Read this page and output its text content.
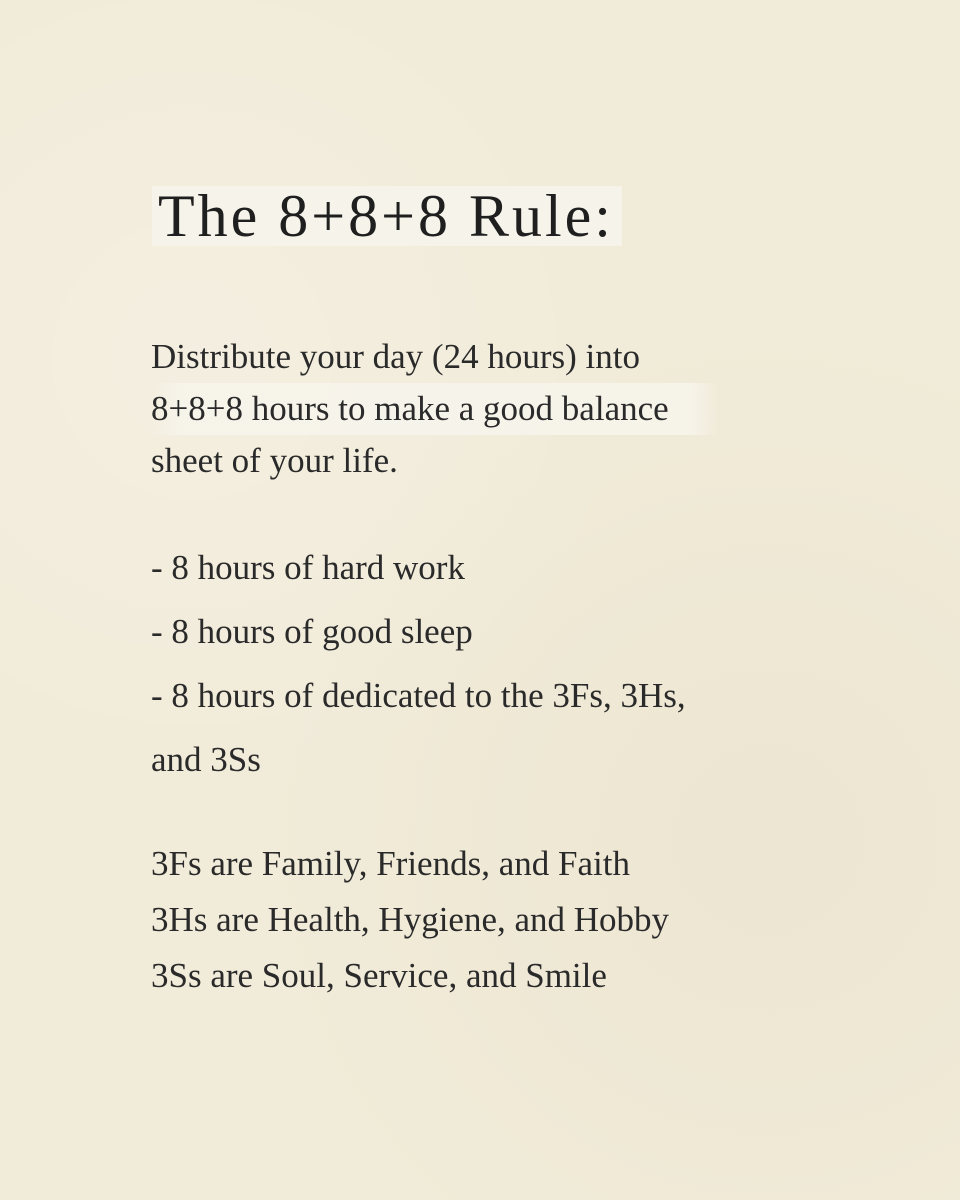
The 8+8+8 Rule:
Distribute your day (24 hours) into
8+8+8 hours to make a good balance
sheet of your life.
- 8 hours of hard work
- 8 hours of good sleep
- 8 hours of dedicated to the 3Fs, 3Hs,
and 3Ss
3Fs are Family, Friends, and Faith
3Hs are Health, Hygiene, and Hobby
3Ss are Soul, Service, and Smile
